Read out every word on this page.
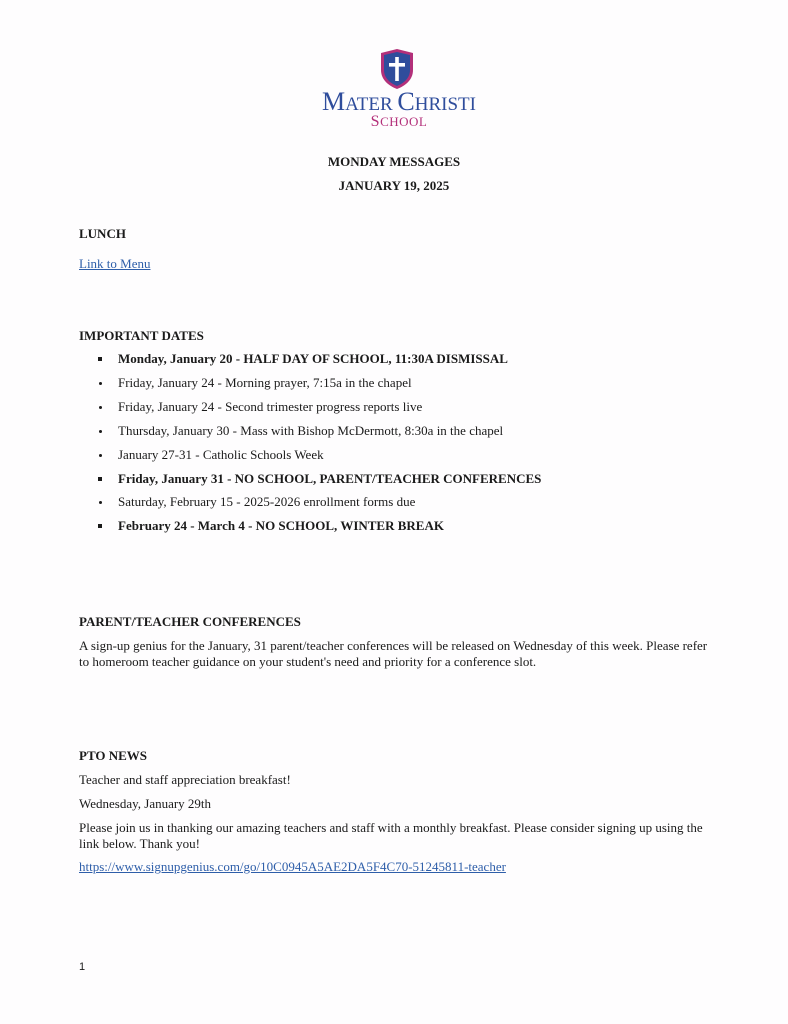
MATER CHRISTI
SCHOOL
MONDAY MESSAGES
JANUARY 19, 2025
LUNCH
Link to Menu
IMPORTANT DATES
Monday, January 20 - HALF DAY OF SCHOOL, 11:30A DISMISSAL
Friday, January 24 - Morning prayer, 7:15a in the chapel
Friday, January 24 - Second trimester progress reports live
Thursday, January 30 - Mass with Bishop McDermott, 8:30a in the chapel
January 27-31 - Catholic Schools Week
Friday, January 31 - NO SCHOOL, PARENT/TEACHER CONFERENCES
Saturday, February 15 - 2025-2026 enrollment forms due
February 24 - March 4 - NO SCHOOL, WINTER BREAK
PARENT/TEACHER CONFERENCES
A sign-up genius for the January, 31 parent/teacher conferences will be released on Wednesday of this week. Please refer to homeroom teacher guidance on your student's need and priority for a conference slot.
PTO NEWS
Teacher and staff appreciation breakfast!
Wednesday, January 29th
Please join us in thanking our amazing teachers and staff with a monthly breakfast. Please consider signing up using the link below. Thank you!
https://www.signupgenius.com/go/10C0945A5AE2DA5F4C70-51245811-teacher
1
